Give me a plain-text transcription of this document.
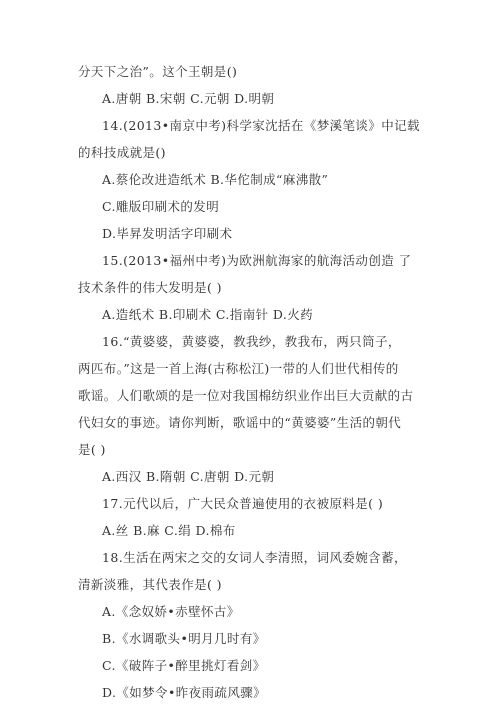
分天下之治”。这个王朝是()
A.唐朝 B.宋朝 C.元朝 D.明朝
14.(2013•南京中考)科学家沈括在《梦溪笔谈》中记载
的科技成就是()
A.蔡伦改进造纸术 B.华佗制成“麻沸散”
C.雕版印刷术的发明
D.毕昇发明活字印刷术
15.(2013•福州中考)为欧洲航海家的航海活动创造 了
技术条件的伟大发明是( )
A.造纸术 B.印刷术 C.指南针 D.火药
16.“黄婆婆，黄婆婆，教我纱，教我布，两只筒子，
两匹布。”这是一首上海(古称松江)一带的人们世代相传的
歌谣。人们歌颂的是一位对我国棉纺织业作出巨大贡献的古
代妇女的事迹。请你判断，歌谣中的“黄婆婆”生活的朝代
是( )
A.西汉 B.隋朝 C.唐朝 D.元朝
17.元代以后，广大民众普遍使用的衣被原料是( )
A.丝 B.麻 C.绢 D.棉布
18.生活在两宋之交的女词人李清照，词风委婉含蓄，
清新淡雅，其代表作是( )
A.《念奴娇•赤壁怀古》
B.《水调歌头•明月几时有》
C.《破阵子•醉里挑灯看剑》
D.《如梦令•昨夜雨疏风骤》
